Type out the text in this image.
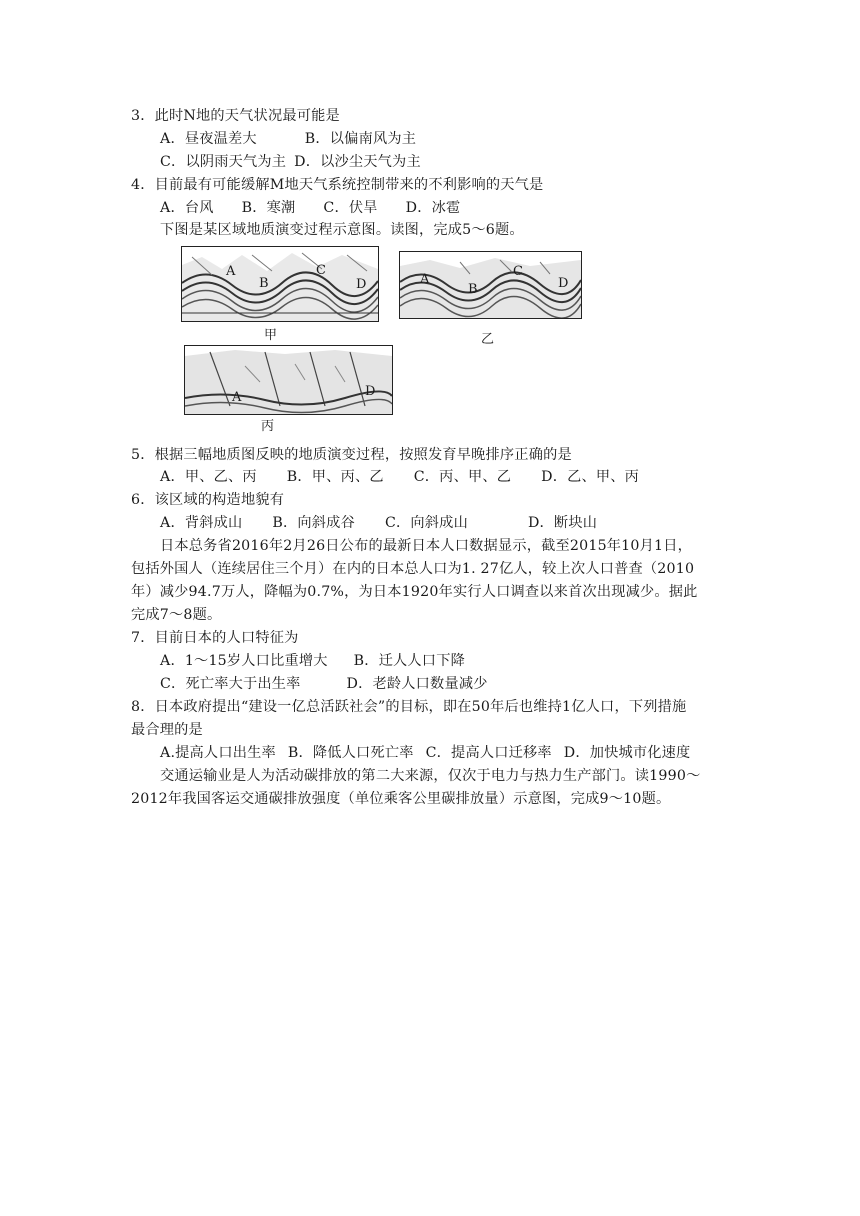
3．此时N地的天气状况最可能是
A．昼夜温差大	B．以偏南风为主
C．以阴雨天气为主 D．以沙尘天气为主
4．目前最有可能缓解M地天气系统控制带来的不利影响的天气是
A．台风 B．寒潮 C．伏旱 D．冰雹
下图是某区域地质演变过程示意图。读图，完成5～6题。
A
B
C
D
甲
A
B
C
D
乙
A	D
丙
5．根据三幅地质图反映的地质演变过程，按照发育早晚排序正确的是
A．甲、乙、丙 B．甲、丙、乙 C．丙、甲、乙 D．乙、甲、丙
6．该区域的构造地貌有
A．背斜成山 B．向斜成谷 C．向斜成山	D．断块山
日本总务省2016年2月26日公布的最新日本人口数据显示，截至2015年10月1日，
包括外国人（连续居住三个月）在内的日本总人口为1. 27亿人，较上次人口普查（2010
年）减少94.7万人，降幅为0.7%，为日本1920年实行人口调查以来首次出现减少。据此
完成7～8题。
7．目前日本的人口特征为
A．1～15岁人口比重增大 B．迁人人口下降
C．死亡率大于出生率	D．老龄人口数量减少
8．日本政府提出“建设一亿总活跃社会”的目标，即在50年后也维持1亿人口，下列措施
最合理的是
A.提高人口出生率 B．降低人口死亡率 C．提高人口迁移率 D．加快城市化速度
交通运输业是人为活动碳排放的第二大来源，仅次于电力与热力生产部门。读1990～
2012年我国客运交通碳排放强度（单位乘客公里碳排放量）示意图，完成9～10题。
